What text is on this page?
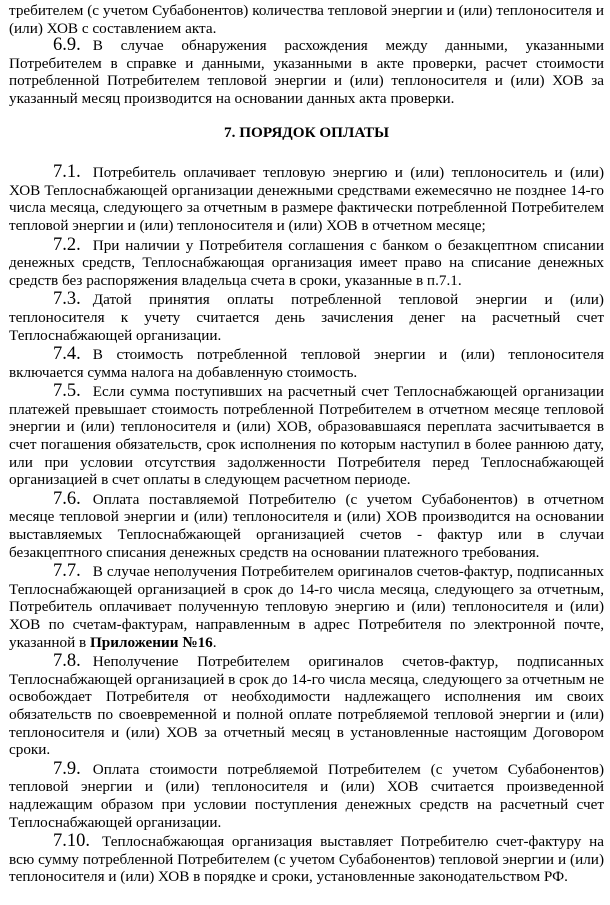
требителем (с учетом Субабонентов) количества тепловой энергии и (или) теплоносителя и (или) ХОВ с составлением акта.

6.9. В случае обнаружения расхождения между данными, указанными Потребителем в справке и данными, указанными в акте проверки, расчет стоимости потребленной Потребителем тепловой энергии и (или) теплоносителя и (или) ХОВ за указанный месяц производится на основании данных акта проверки.

7. ПОРЯДОК ОПЛАТЫ

7.1. Потребитель оплачивает тепловую энергию и (или) теплоноситель и (или) ХОВ Теплоснабжающей организации денежными средствами ежемесячно не позднее 14-го числа месяца, следующего за отчетным в размере фактически потребленной Потребителем тепловой энергии и (или) теплоносителя и (или) ХОВ в отчетном месяце;

7.2. При наличии у Потребителя соглашения с банком о безакцептном списании денежных средств, Теплоснабжающая организация имеет право на списание денежных средств без распоряжения владельца счета в сроки, указанные в п.7.1.

7.3. Датой принятия оплаты потребленной тепловой энергии и (или) теплоносителя к учету считается день зачисления денег на расчетный счет Теплоснабжающей организации.

7.4. В стоимость потребленной тепловой энергии и (или) теплоносителя включается сумма налога на добавленную стоимость.

7.5. Если сумма поступивших на расчетный счет Теплоснабжающей организации платежей превышает стоимость потребленной Потребителем в отчетном месяце тепловой энергии и (или) теплоносителя и (или) ХОВ, образовавшаяся переплата засчитывается в счет погашения обязательств, срок исполнения по которым наступил в более раннюю дату, или при условии отсутствия задолженности Потребителя перед Теплоснабжающей организацией в счет оплаты в следующем расчетном периоде.

7.6. Оплата поставляемой Потребителю (с учетом Субабонентов) в отчетном месяце тепловой энергии и (или) теплоносителя и (или) ХОВ производится на основании выставляемых Теплоснабжающей организацией счетов - фактур или в случаи безакцептного списания денежных средств на основании платежного требования.

7.7. В случае неполучения Потребителем оригиналов счетов-фактур, подписанных Теплоснабжающей организацией в срок до 14-го числа месяца, следующего за отчетным, Потребитель оплачивает полученную тепловую энергию и (или) теплоносителя и (или) ХОВ по счетам-фактурам, направленным в адрес Потребителя по электронной почте, указанной в Приложении №16.

7.8. Неполучение Потребителем оригиналов счетов-фактур, подписанных Теплоснабжающей организацией в срок до 14-го числа месяца, следующего за отчетным не освобождает Потребителя от необходимости надлежащего исполнения им своих обязательств по своевременной и полной оплате потребляемой тепловой энергии и (или) теплоносителя и (или) ХОВ за отчетный месяц в установленные настоящим Договором сроки.

7.9. Оплата стоимости потребляемой Потребителем (с учетом Субабонентов) тепловой энергии и (или) теплоносителя и (или) ХОВ считается произведенной надлежащим образом при условии поступления денежных средств на расчетный счет Теплоснабжающей организации.

7.10. Теплоснабжающая организация выставляет Потребителю счет-фактуру на всю сумму потребленной Потребителем (с учетом Субабонентов) тепловой энергии и (или) теплоносителя и (или) ХОВ в порядке и сроки, установленные законодательством РФ.
